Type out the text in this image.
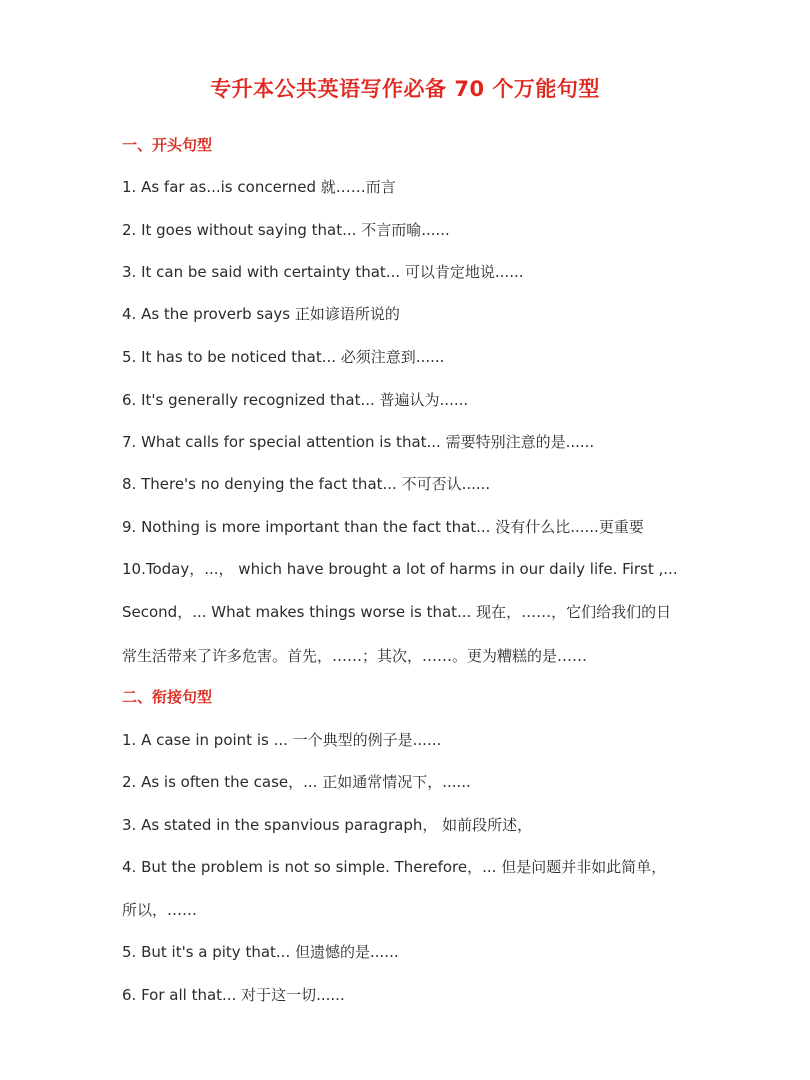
专升本公共英语写作必备 70 个万能句型
一、开头句型
1. As far as...is concerned 就……而言
2. It goes without saying that... 不言而喻......
3. It can be said with certainty that... 可以肯定地说......
4. As the proverb says 正如谚语所说的
5. It has to be noticed that... 必须注意到......
6. It's generally recognized that... 普遍认为......
7. What calls for special attention is that... 需要特别注意的是......
8. There's no denying the fact that... 不可否认......
9. Nothing is more important than the fact that... 没有什么比......更重要
10.Today，...， which have brought a lot of harms in our daily life. First ,...
Second，... What makes things worse is that... 现在，……，它们给我们的日
常生活带来了许多危害。首先，……；其次，……。更为糟糕的是……
二、衔接句型
1. A case in point is ... 一个典型的例子是......
2. As is often the case，... 正如通常情况下，......
3. As stated in the spanvious paragraph， 如前段所述，
4. But the problem is not so simple. Therefore，... 但是问题并非如此简单，
所以，……
5. But it's a pity that... 但遗憾的是......
6. For all that... 对于这一切......
